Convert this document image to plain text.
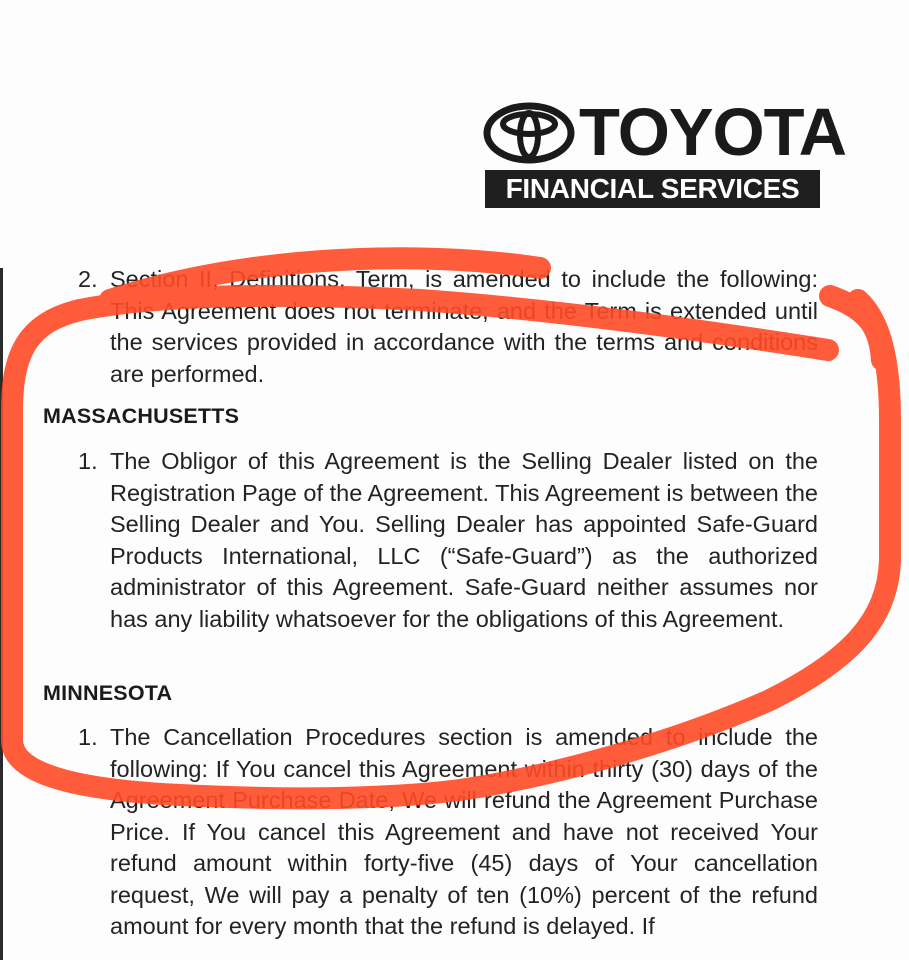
TOYOTA
FINANCIAL SERVICES
2. Section II, Definitions, Term, is amended to include the following: This Agreement does not terminate, and the Term is extended until the services provided in accordance with the terms and conditions are performed.
MASSACHUSETTS
1. The Obligor of this Agreement is the Selling Dealer listed on the Registration Page of the Agreement. This Agreement is between the Selling Dealer and You. Selling Dealer has appointed Safe-Guard Products International, LLC (“Safe-Guard”) as the authorized administrator of this Agreement. Safe-Guard neither assumes nor has any liability whatsoever for the obligations of this Agreement.
MINNESOTA
1. The Cancellation Procedures section is amended to include the following: If You cancel this Agreement within thirty (30) days of the Agreement Purchase Date, We will refund the Agreement Purchase Price. If You cancel this Agreement and have not received Your refund amount within forty-five (45) days of Your cancellation request, We will pay a penalty of ten (10%) percent of the refund amount for every month that the refund is delayed. If
